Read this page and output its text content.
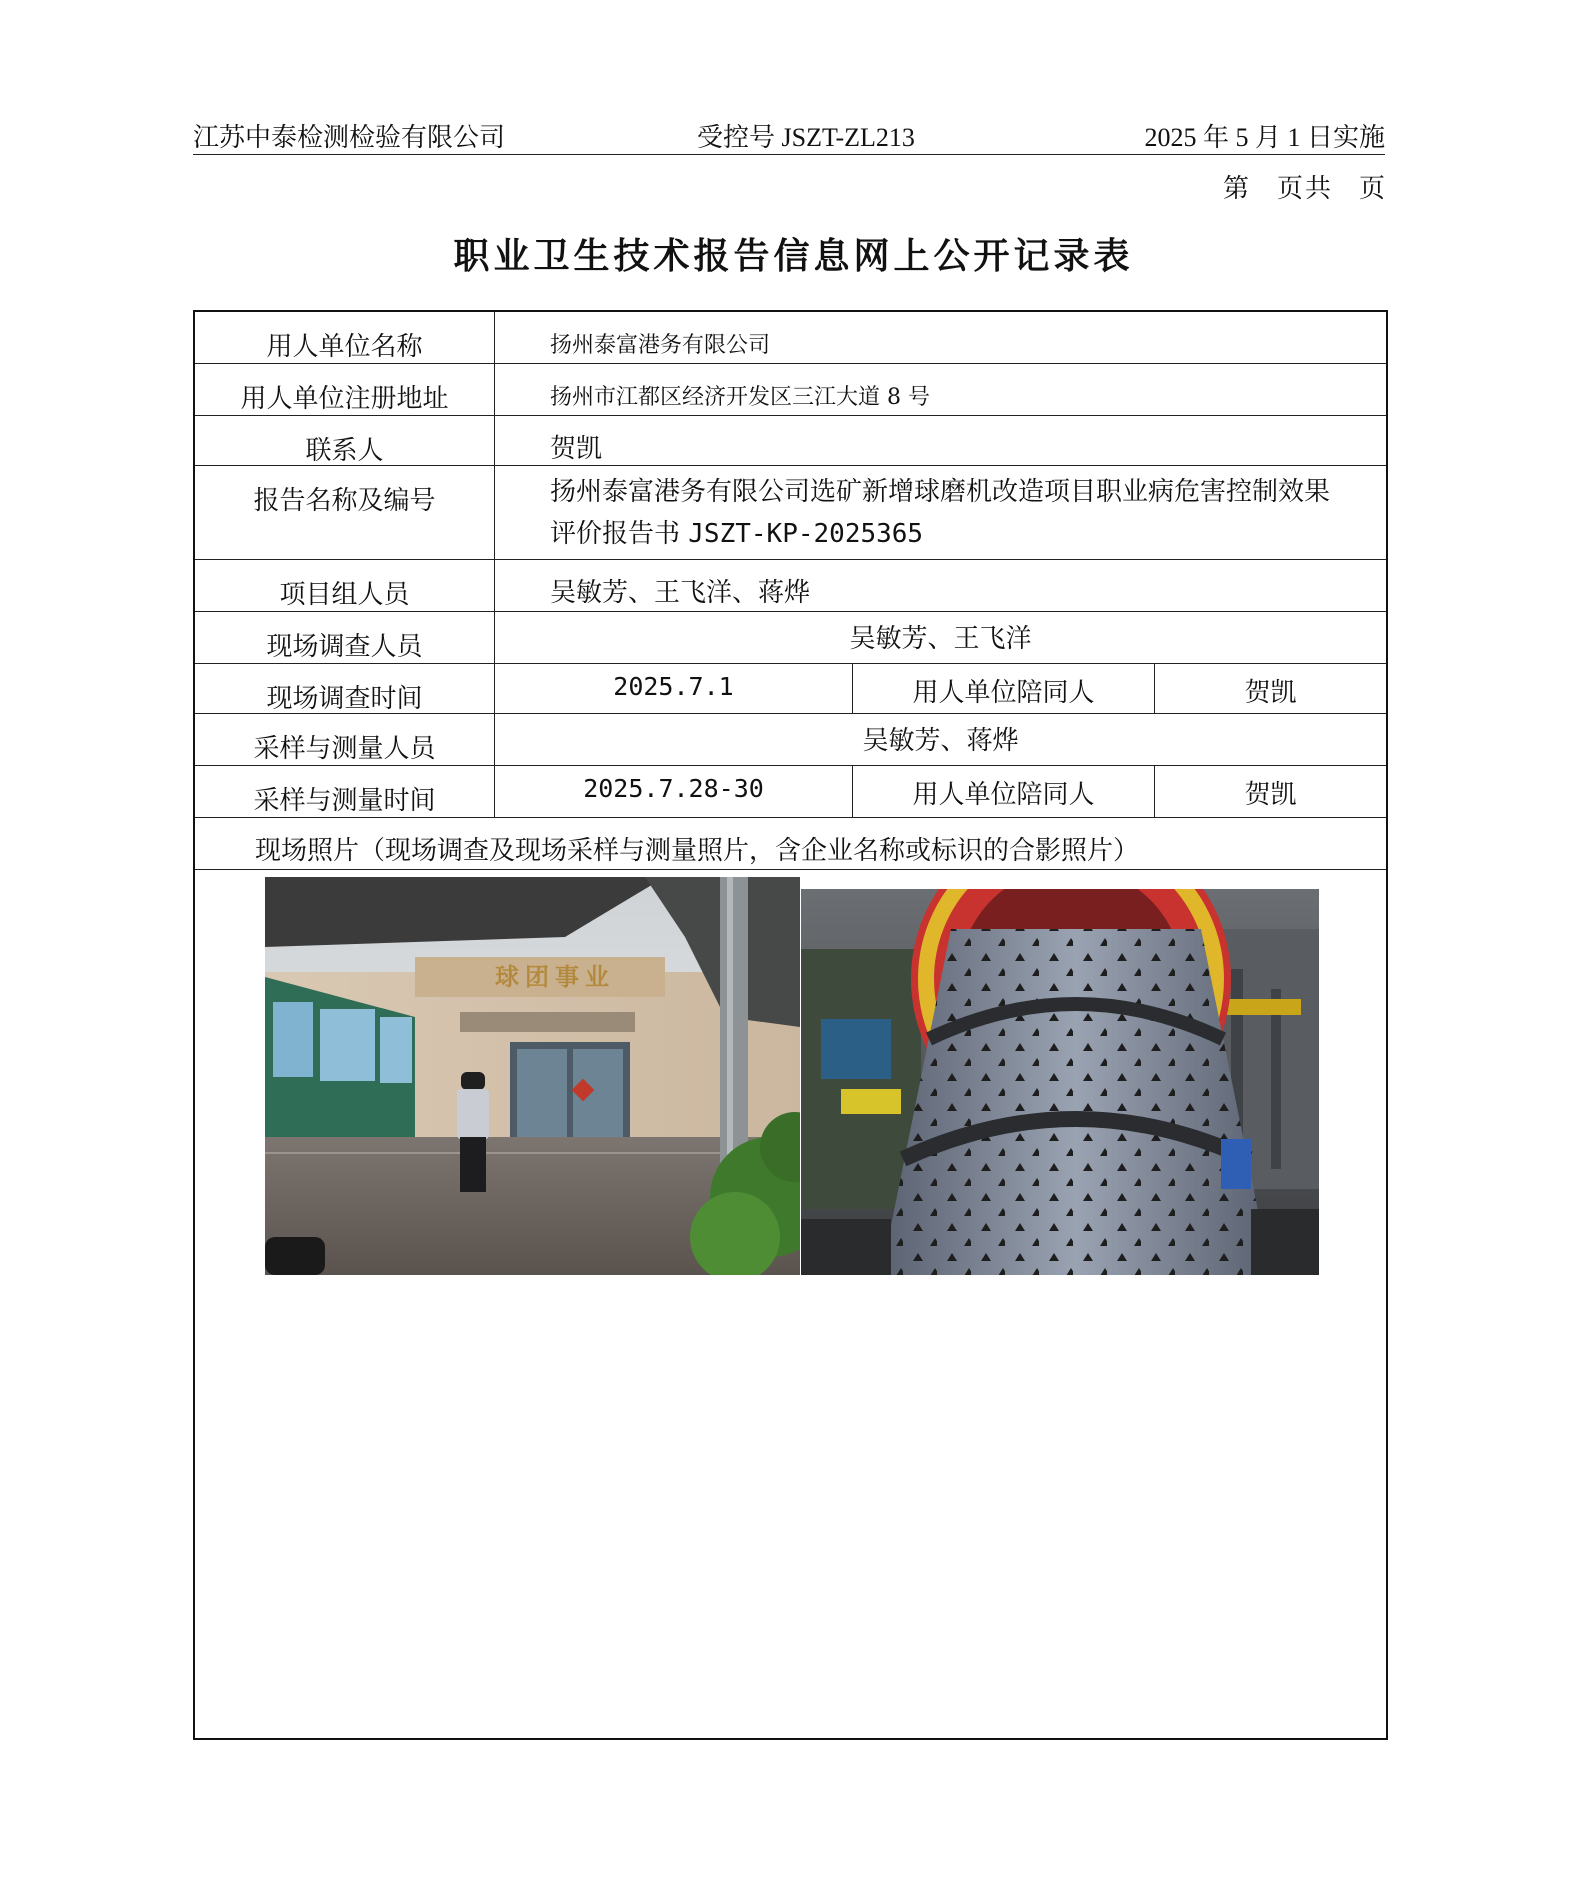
江苏中泰检测检验有限公司	受控号 JSZT-ZL213	2025 年 5 月 1 日实施
第 页共 页
职业卫生技术报告信息网上公开记录表
用人单位名称	扬州泰富港务有限公司
用人单位注册地址	扬州市江都区经济开发区三江大道 8 号
联系人	贺凯
报告名称及编号	扬州泰富港务有限公司选矿新增球磨机改造项目职业病危害控制效果
评价报告书 JSZT-KP-2025365
项目组人员	吴敏芳、王飞洋、蒋烨
现场调查人员	吴敏芳、王飞洋
现场调查时间	2025.7.1	用人单位陪同人	贺凯
采样与测量人员	吴敏芳、蒋烨
采样与测量时间	2025.7.28-30	用人单位陪同人	贺凯
现场照片（现场调查及现场采样与测量照片，含企业名称或标识的合影照片）
球团事业
